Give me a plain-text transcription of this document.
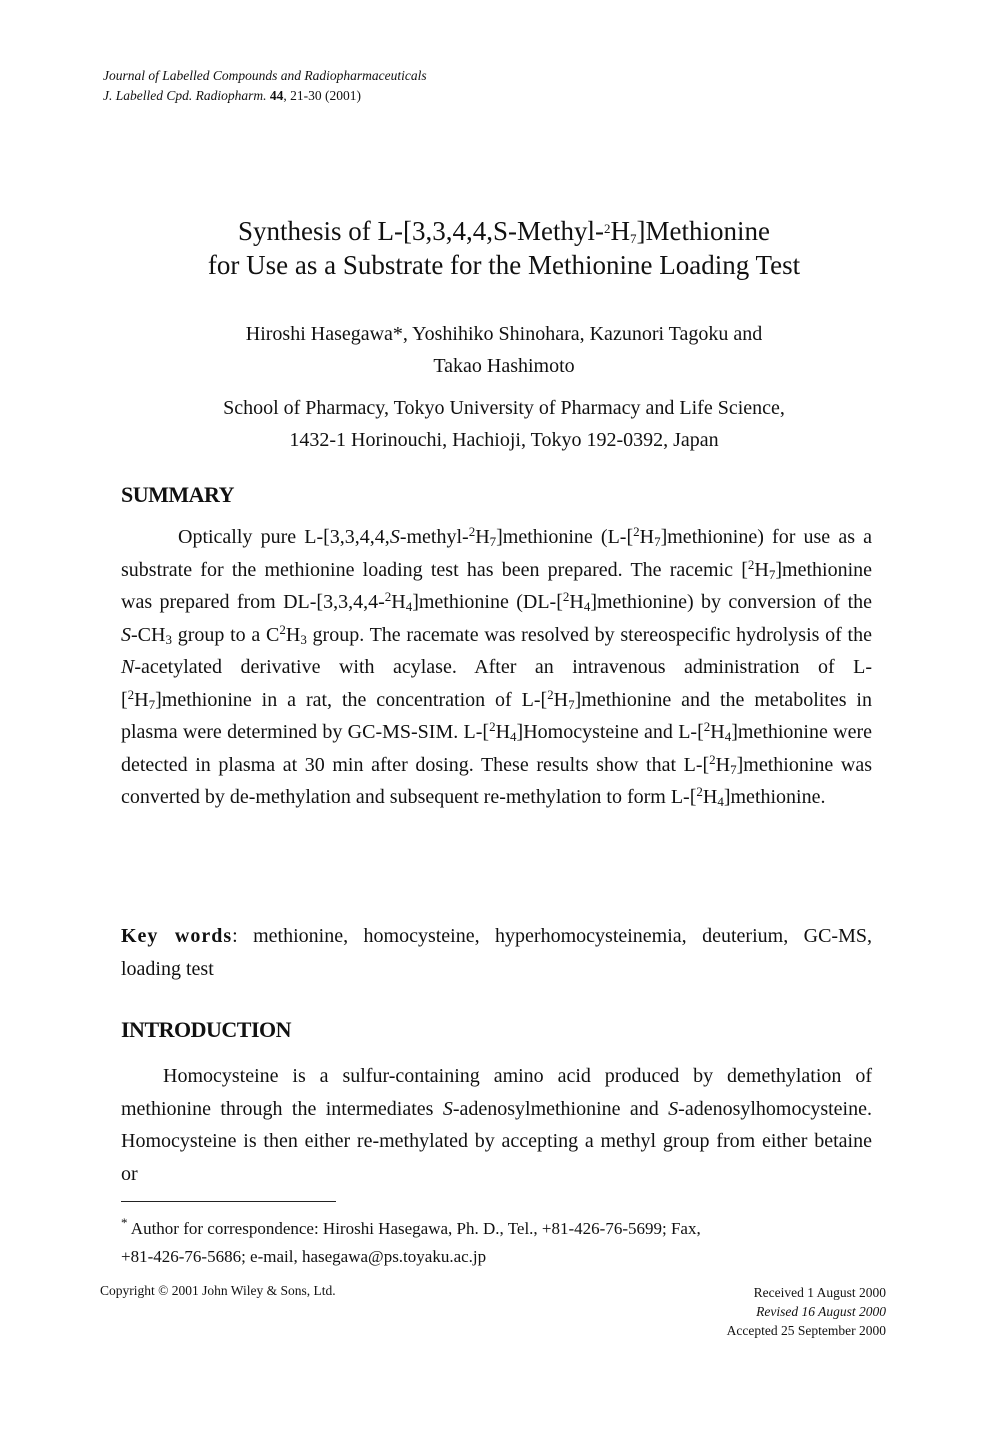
Journal of Labelled Compounds and Radiopharmaceuticals
J. Labelled Cpd. Radiopharm. 44, 21-30 (2001)
Synthesis of $L-[3,3,4,4,S-Methyl-^2H_7]Methionine$
for Use as a Substrate for the Methionine Loading Test
Hiroshi Hasegawa*, Yoshihiko Shinohara, Kazunori Tagoku and
Takao Hashimoto
School of Pharmacy, Tokyo University of Pharmacy and Life Science,
1432-1 Horinouchi, Hachioji, Tokyo 192-0392, Japan
SUMMARY
Optically pure $L-[3,3,4,4,S-methyl-^2H_7]methionine$ $(L-[^2H_7]methionine)$ for use as a substrate for the methionine loading test has been prepared. The racemic $[^2H_7]methionine$ was prepared from $DL-[3,3,4,4-^2H_4]methionine$ $(DL-[^2H_4]methionine)$ by conversion of the $S-CH_3$ group to a $C^2H_3$ group. The racemate was resolved by stereospecific hydrolysis of the N-acetylated derivative with acylase. After an intravenous administration of $L-[^2H_7]methionine$ in a rat, the concentration of $L-[^2H_7]methionine$ and the metabolites in plasma were determined by GC-MS-SIM. $L-[^2H_4]Homocysteine$ and $L-[^2H_4]methionine$ were detected in plasma at 30 min after dosing. These results show that $L-[^2H_7]methionine$ was converted by de-methylation and subsequent re-methylation to form $L-[^2H_4]methionine$.
Key words: methionine, homocysteine, hyperhomocysteinemia, deuterium, GC-MS, loading test
INTRODUCTION
Homocysteine is a sulfur-containing amino acid produced by demethylation of methionine through the intermediates S-adenosylmethionine and S-adenosylhomocysteine. Homocysteine is then either re-methylated by accepting a methyl group from either betaine or
* Author for correspondence: Hiroshi Hasegawa, Ph. D., Tel., +81-426-76-5699; Fax,
+81-426-76-5686; e-mail, hasegawa@ps.toyaku.ac.jp
Copyright © 2001 John Wiley & Sons, Ltd.	Received 1 August 2000
Revised 16 August 2000
Accepted 25 September 2000
